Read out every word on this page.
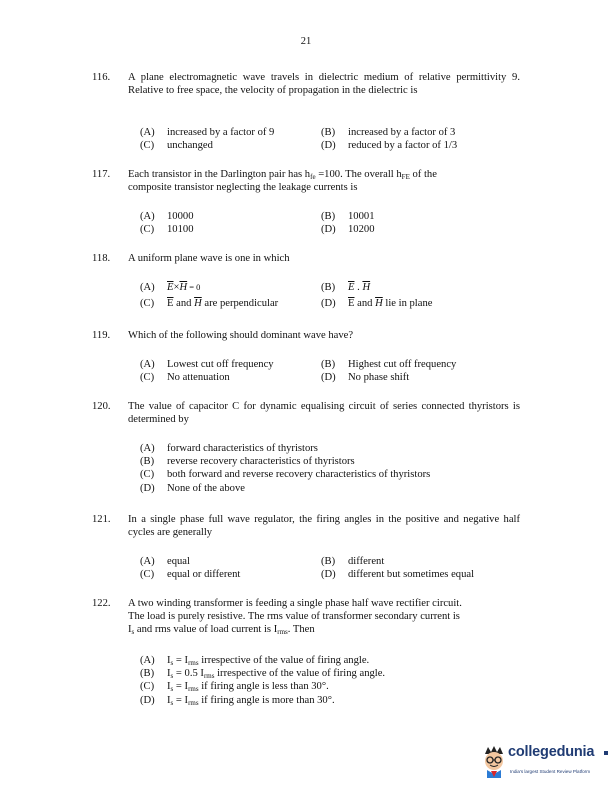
21
116. A plane electromagnetic wave travels in dielectric medium of relative permittivity 9. Relative to free space, the velocity of propagation in the dielectric is
(A) increased by a factor of 9	(B) increased by a factor of 3
(C) unchanged	(D) reduced by a factor of 1/3
117. Each transistor in the Darlington pair has $h_{fe} =100$. The overall $h_{FE}$ of the
composite transistor neglecting the leakage currents is
(A) 10000	(B) 10001
(C) 10100	(D) 10200
118. A uniform plane wave is one in which
(A) $\overline{E}\times\overline{H} = 0$	(B) $\overline{E}$ . $\overline{H}$
(C) $\overline{E}$ and $\overline{H}$ are perpendicular	(D) $\overline{E}$ and $\overline{H}$ lie in plane
119. Which of the following should dominant wave have?
(A) Lowest cut off frequency	(B) Highest cut off frequency
(C) No attenuation	(D) No phase shift
120. The value of capacitor C for dynamic equalising circuit of series connected thyristors is determined by
(A) forward characteristics of thyristors
(B) reverse recovery characteristics of thyristors
(C) both forward and reverse recovery characteristics of thyristors
(D) None of the above
121. In a single phase full wave regulator, the firing angles in the positive and negative half cycles are generally
(A) equal	(B) different
(C) equal or different	(D) different but sometimes equal
122. A two winding transformer is feeding a single phase half wave rectifier circuit.
The load is purely resistive. The rms value of transformer secondary current is
$I_s$ and rms value of load current is $I_{rms}$. Then
(A) $I_s = I_{rms}$ irrespective of the value of firing angle.
(B) $I_s = 0.5$ $I_{rms}$ irrespective of the value of firing angle.
(C) $I_s = I_{rms}$ if firing angle is less than 30°.
(D) $I_s = I_{rms}$ if firing angle is more than 30°.
collegedunia
India's largest Student Review Platform
